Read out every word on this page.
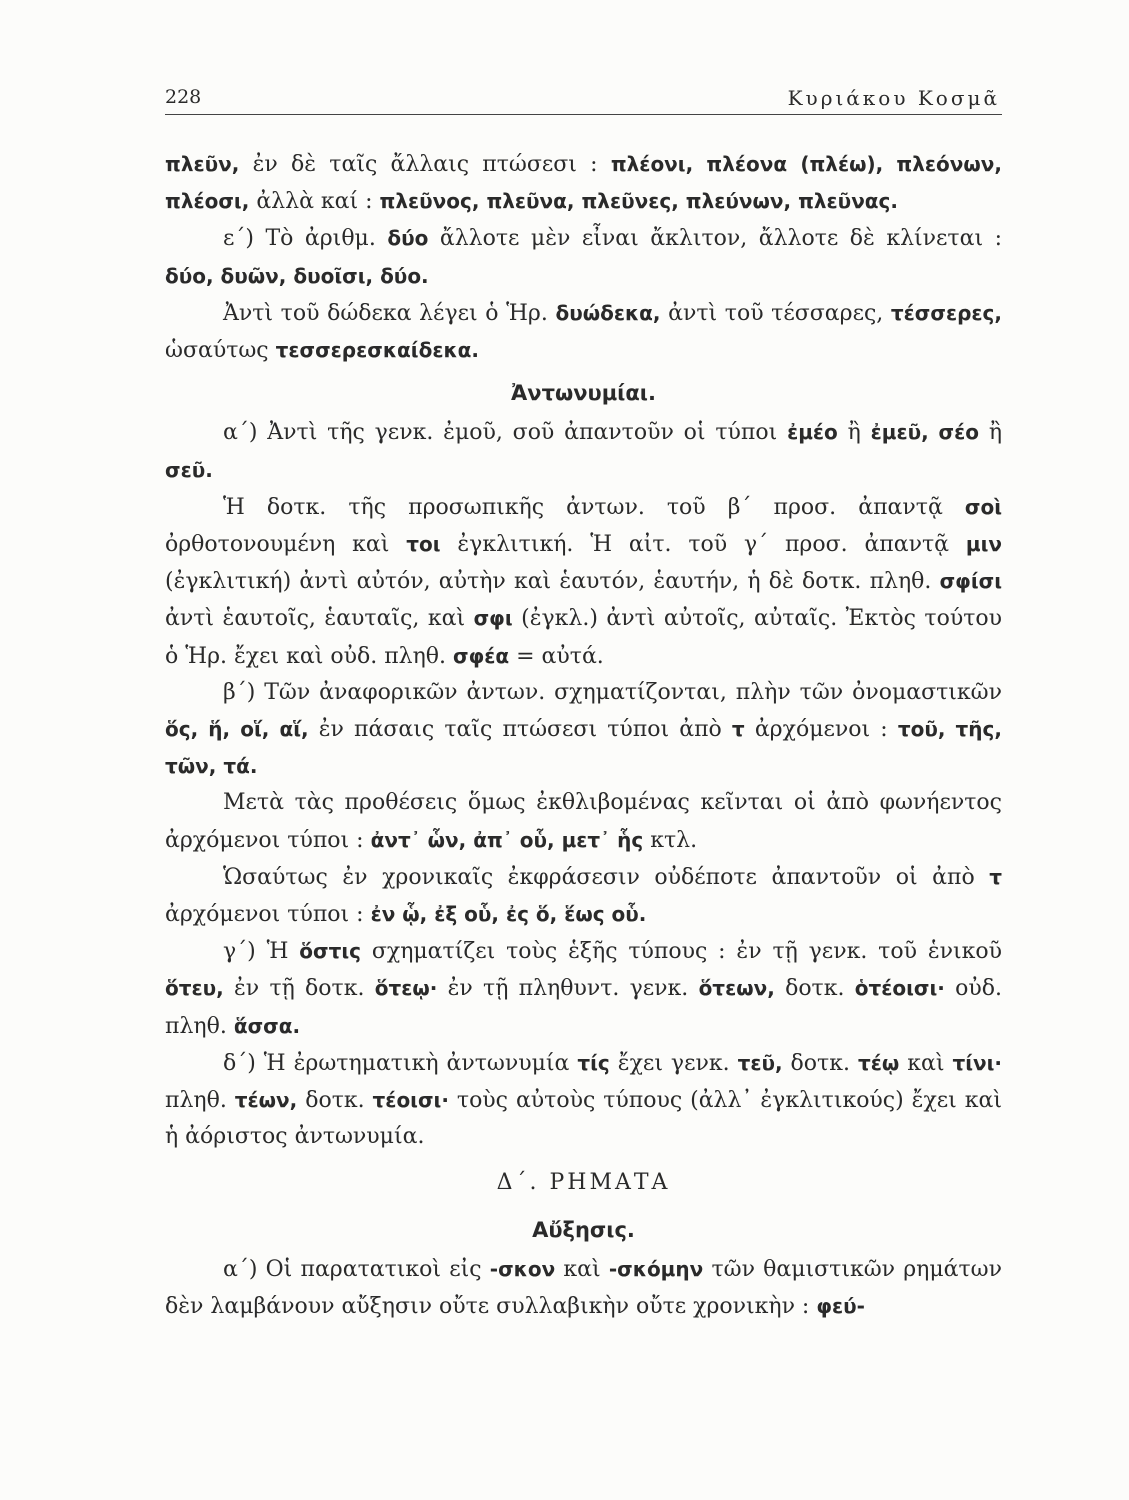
228	Κυριάκου Κοσμᾶ

πλεῦν, ἐν δὲ ταῖς ἄλλαις πτώσεσι : πλέονι, πλέονα (πλέω), πλεόνων, πλέοσι, ἀλλὰ καί : πλεῦνος, πλεῦνα, πλεῦνες, πλεύνων, πλεῦνας.

ε΄) Τὸ ἀριθμ. δύο ἄλλοτε μὲν εἶναι ἄκλιτον, ἄλλοτε δὲ κλίνεται : δύο, δυῶν, δυοῖσι, δύο.

Ἀντὶ τοῦ δώδεκα λέγει ὁ Ἡρ. δυώδεκα, ἀντὶ τοῦ τέσσαρες, τέσσερες, ὡσαύτως τεσσερεσκαίδεκα.

Ἀντωνυμίαι.

α΄) Ἀντὶ τῆς γενκ. ἐμοῦ, σοῦ ἀπαντοῦν οἱ τύποι ἐμέο ἢ ἐμεῦ, σέο ἢ σεῦ.

Ἡ δοτκ. τῆς προσωπικῆς ἀντων. τοῦ β΄ προσ. ἀπαντᾷ σοὶ ὀρθοτονουμένη καὶ τοι ἐγκλιτική. Ἡ αἰτ. τοῦ γ΄ προσ. ἀπαντᾷ μιν (ἐγκλιτική) ἀντὶ αὐτόν, αὐτὴν καὶ ἑαυτόν, ἑαυτήν, ἡ δὲ δοτκ. πληθ. σφίσι ἀντὶ ἑαυτοῖς, ἑαυταῖς, καὶ σφι (ἐγκλ.) ἀντὶ αὐτοῖς, αὐταῖς. Ἐκτὸς τούτου ὁ Ἡρ. ἔχει καὶ οὐδ. πληθ. σφέα = αὐτά.

β΄) Τῶν ἀναφορικῶν ἀντων. σχηματίζονται, πλὴν τῶν ὀνομαστικῶν ὅς, ἥ, οἵ, αἵ, ἐν πάσαις ταῖς πτώσεσι τύποι ἀπὸ τ ἀρχόμενοι : τοῦ, τῆς, τῶν, τά.

Μετὰ τὰς προθέσεις ὅμως ἐκθλιβομένας κεῖνται οἱ ἀπὸ φωνήεντος ἀρχόμενοι τύποι : ἀντ᾽ ὧν, ἀπ᾽ οὗ, μετ᾽ ἧς κτλ.

Ὡσαύτως ἐν χρονικαῖς ἐκφράσεσιν οὐδέποτε ἀπαντοῦν οἱ ἀπὸ τ ἀρχόμενοι τύποι : ἐν ᾧ, ἐξ οὗ, ἐς ὅ, ἕως οὗ.

γ΄) Ἡ ὅστις σχηματίζει τοὺς ἑξῆς τύπους : ἐν τῇ γενκ. τοῦ ἑνικοῦ ὅτευ, ἐν τῇ δοτκ. ὅτεῳ· ἐν τῇ πληθυντ. γενκ. ὅτεων, δοτκ. ὁτέοισι· οὐδ. πληθ. ἅσσα.

δ΄) Ἡ ἐρωτηματικὴ ἀντωνυμία τίς ἔχει γενκ. τεῦ, δοτκ. τέῳ καὶ τίνι· πληθ. τέων, δοτκ. τέοισι· τοὺς αὐτοὺς τύπους (ἀλλ᾽ ἐγκλιτικούς) ἔχει καὶ ἡ ἀόριστος ἀντωνυμία.

Δ΄. ΡΗΜΑΤΑ

Αὔξησις.

α΄) Οἱ παρατατικοὶ εἰς -σκον καὶ -σκόμην τῶν θαμιστικῶν ρημάτων δὲν λαμβάνουν αὔξησιν οὔτε συλλαβικὴν οὔτε χρονικὴν : φεύ-
